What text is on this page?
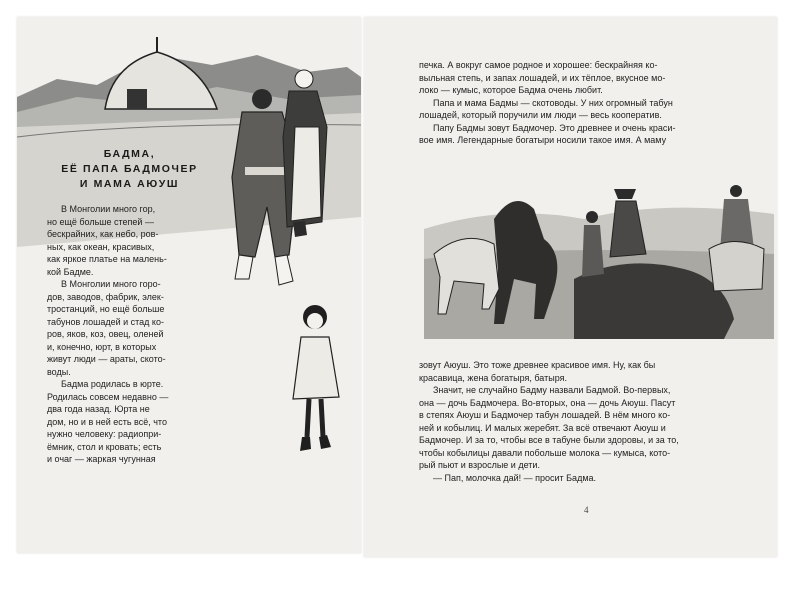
БАДМА,
ЕЁ ПАПА БАДМОЧЕР
И МАМА АЮУШ

В Монголии много гор,

но ещё больше степей —

бескрайних, как небо, ров-

ных, как океан, красивых,

как яркое платье на малень-

кой Бадме.

В Монголии много горо-

дов, заводов, фабрик, элек-

тростанций, но ещё больше

табунов лошадей и стад ко-

ров, яков, коз, овец, оленей

и, конечно, юрт, в которых

живут люди — араты, ското-

воды.

Бадма родилась в юрте.

Родилась совсем недавно —

два года назад. Юрта не

дом, но и в ней есть всё, что

нужно человеку: радиопри-

ёмник, стол и кровать; есть

и очаг — жаркая чугунная

печка. А вокруг самое родное и хорошее: бескрайняя ко-

выльная степь, и запах лошадей, и их тёплое, вкусное мо-

локо — кумыс, которое Бадма очень любит.

Папа и мама Бадмы — скотоводы. У них огромный табун

лошадей, который поручили им люди — весь кооператив.

Папу Бадмы зовут Бадмочер. Это древнее и очень краси-

вое имя. Легендарные богатыри носили такое имя. А маму

зовут Аюуш. Это тоже древнее красивое имя. Ну, как бы

красавица, жена богатыря, батыря.

Значит, не случайно Бадму назвали Бадмой. Во-первых,

она — дочь Бадмочера. Во-вторых, она — дочь Аюуш. Пасут

в степях Аюуш и Бадмочер табун лошадей. В нём много ко-

ней и кобылиц. И малых жеребят. За всё отвечают Аюуш и

Бадмочер. И за то, чтобы все в табуне были здоровы, и за то,

чтобы кобылицы давали побольше молока — кумыса, кото-

рый пьют и взрослые и дети.

— Пап, молочка дай! — просит Бадма.

4
